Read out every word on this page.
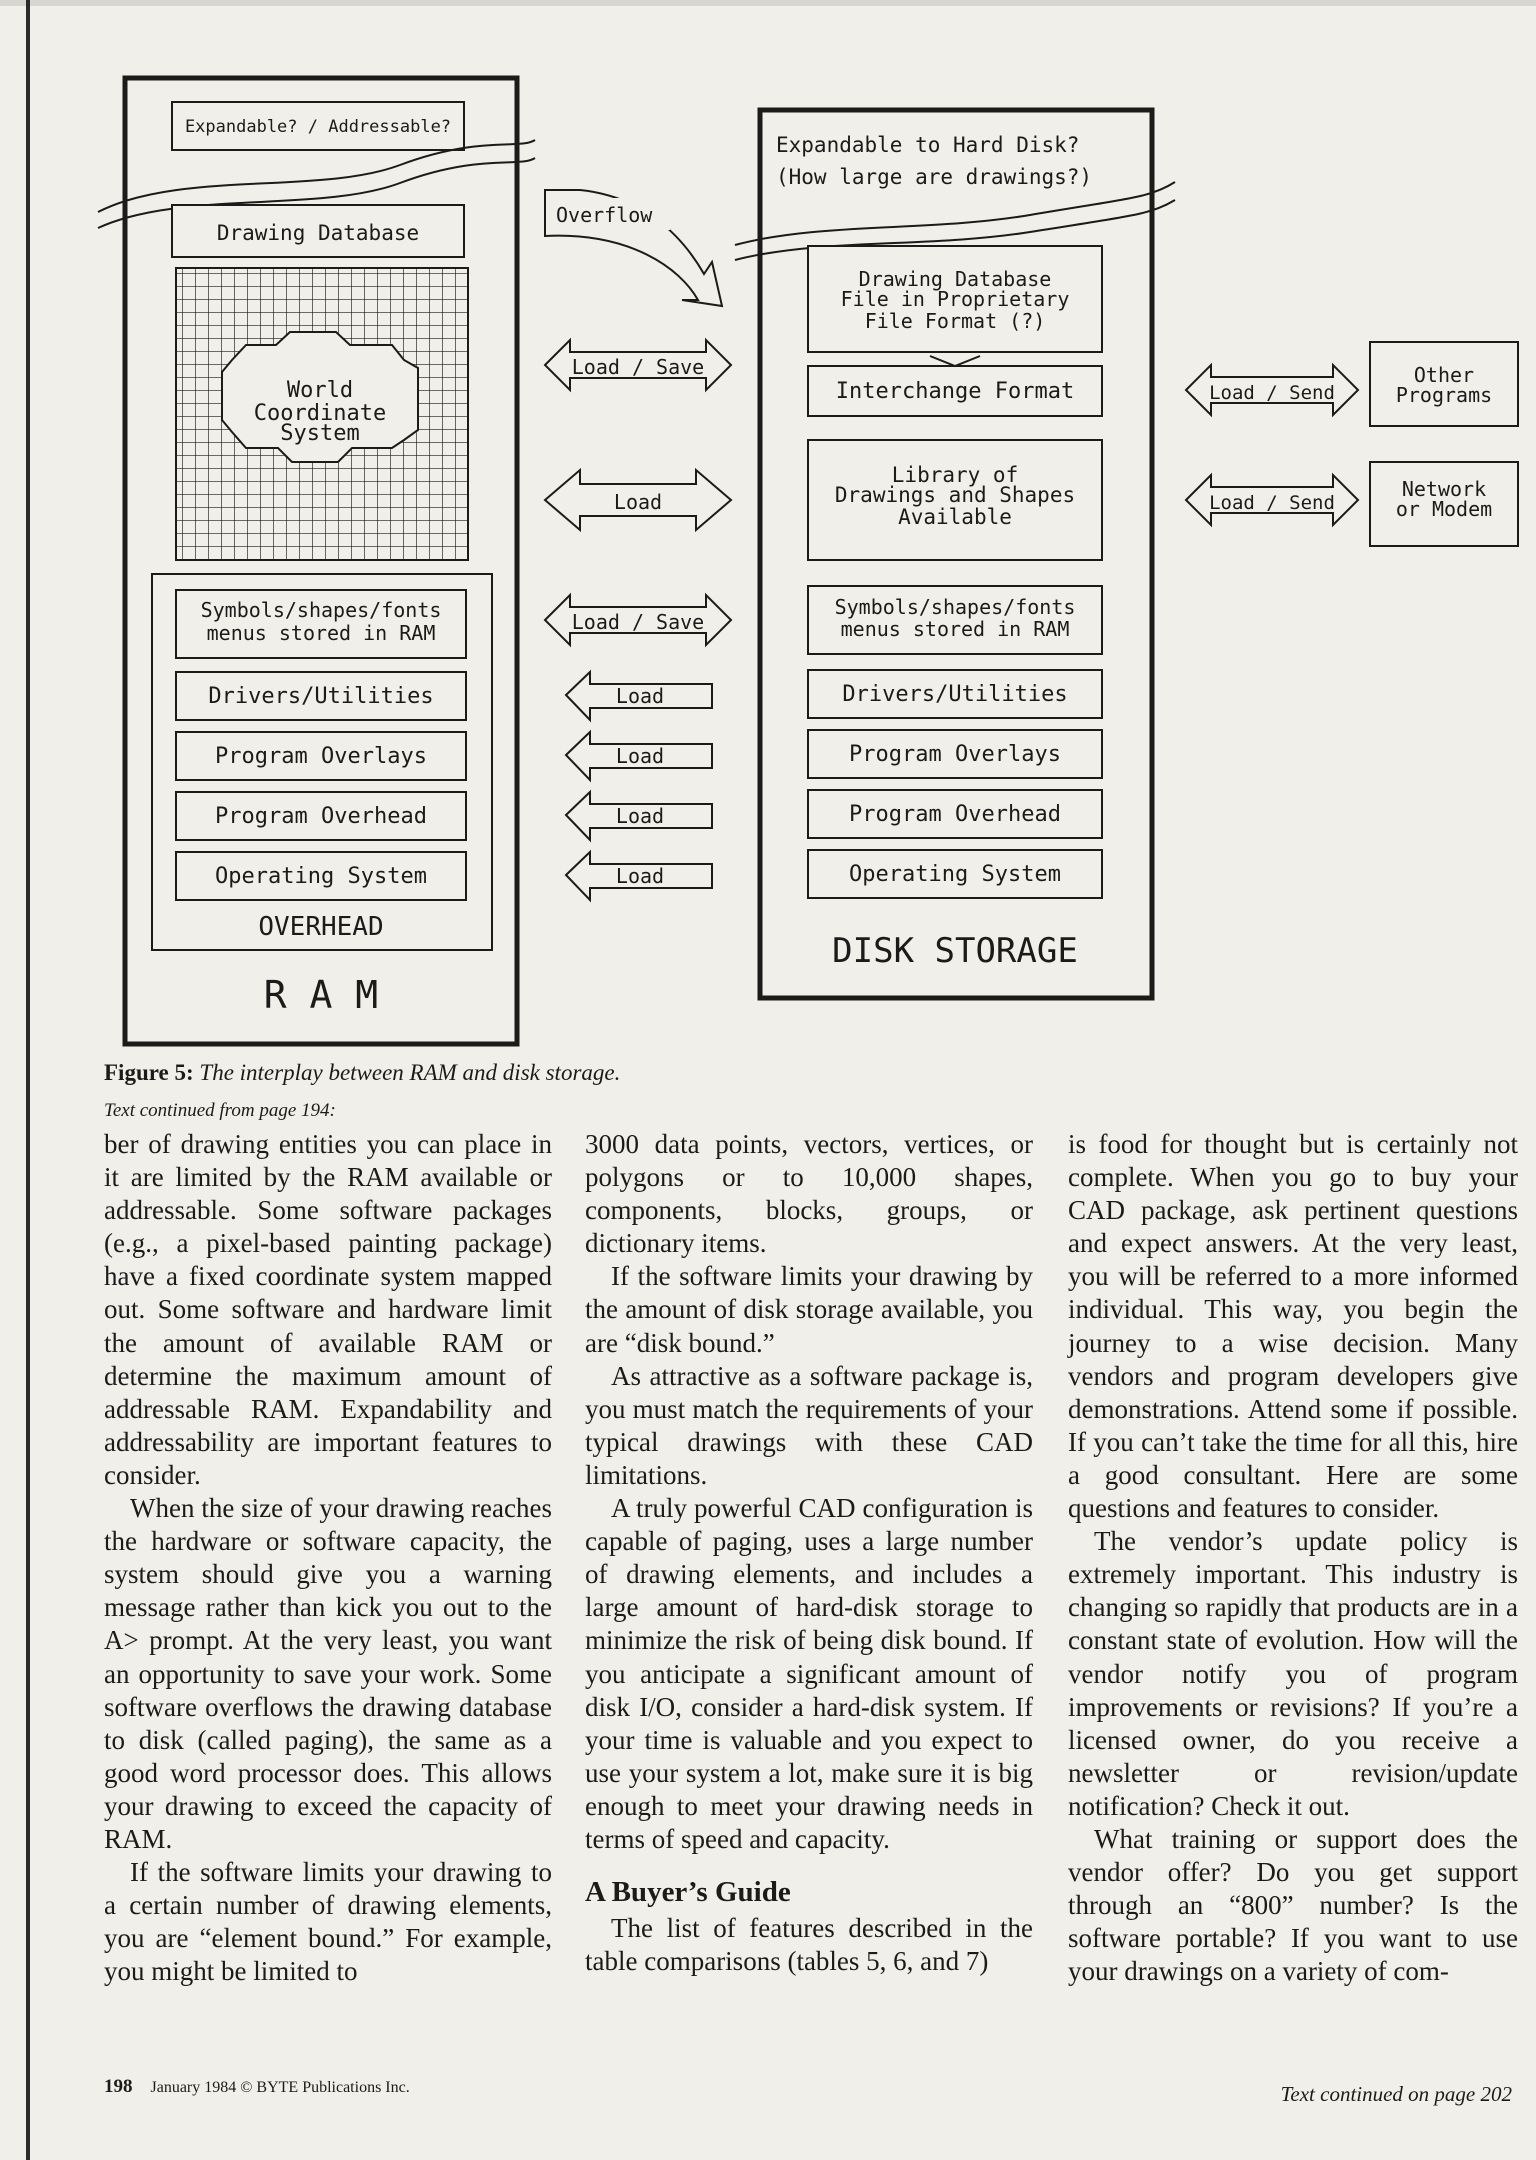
Expandable? / Addressable?
Drawing Database
World
Coordinate
System
Symbols/shapes/fonts
menus stored in RAM
Drivers/Utilities
Program Overlays
Program Overhead
Operating System
OVERHEAD
R A M
Expandable to Hard Disk?
(How large are drawings?)
Drawing Database
File in Proprietary
File Format (?)
Interchange Format
Library of
Drawings and Shapes
Available
Symbols/shapes/fonts
menus stored in RAM
Drivers/Utilities
Program Overlays
Program Overhead
Operating System
DISK STORAGE
Overflow
Load / Save
Load
Load / Save
Load
Load
Load
Load
Load / Send
Other
Programs
Load / Send
Network
or Modem
Figure 5: The interplay between RAM and disk storage.
Text continued from page 194:

ber of drawing entities you can place in it are limited by the RAM available or addressable. Some software packages (e.g., a pixel-based painting package) have a fixed coordinate system mapped out. Some software and hardware limit the amount of available RAM or determine the maximum amount of addressable RAM. Expandability and addressability are important features to consider.

When the size of your drawing reaches the hardware or software capacity, the system should give you a warning message rather than kick you out to the A> prompt. At the very least, you want an opportunity to save your work. Some software overflows the drawing database to disk (called paging), the same as a good word processor does. This allows your drawing to exceed the capacity of RAM.

If the software limits your drawing to a certain number of drawing elements, you are “element bound.” For example, you might be limited to

3000 data points, vectors, vertices, or polygons or to 10,000 shapes, components, blocks, groups, or dictionary items.

If the software limits your drawing by the amount of disk storage available, you are “disk bound.”

As attractive as a software package is, you must match the requirements of your typical drawings with these CAD limitations.

A truly powerful CAD configuration is capable of paging, uses a large number of drawing elements, and includes a large amount of hard-disk storage to minimize the risk of being disk bound. If you anticipate a significant amount of disk I/O, consider a hard-disk system. If your time is valuable and you expect to use your system a lot, make sure it is big enough to meet your drawing needs in terms of speed and capacity.

A Buyer’s Guide

The list of features described in the table comparisons (tables 5, 6, and 7)

is food for thought but is certainly not complete. When you go to buy your CAD package, ask pertinent questions and expect answers. At the very least, you will be referred to a more informed individual. This way, you begin the journey to a wise decision. Many vendors and program developers give demonstrations. Attend some if possible. If you can’t take the time for all this, hire a good consultant. Here are some questions and features to consider.

The vendor’s update policy is extremely important. This industry is changing so rapidly that products are in a constant state of evolution. How will the vendor notify you of program improvements or revisions? If you’re a licensed owner, do you receive a newsletter or revision/update notification? Check it out.

What training or support does the vendor offer? Do you get support through an “800” number? Is the software portable? If you want to use your drawings on a variety of com-

Text continued on page 202
198 January 1984 © BYTE Publications Inc.
